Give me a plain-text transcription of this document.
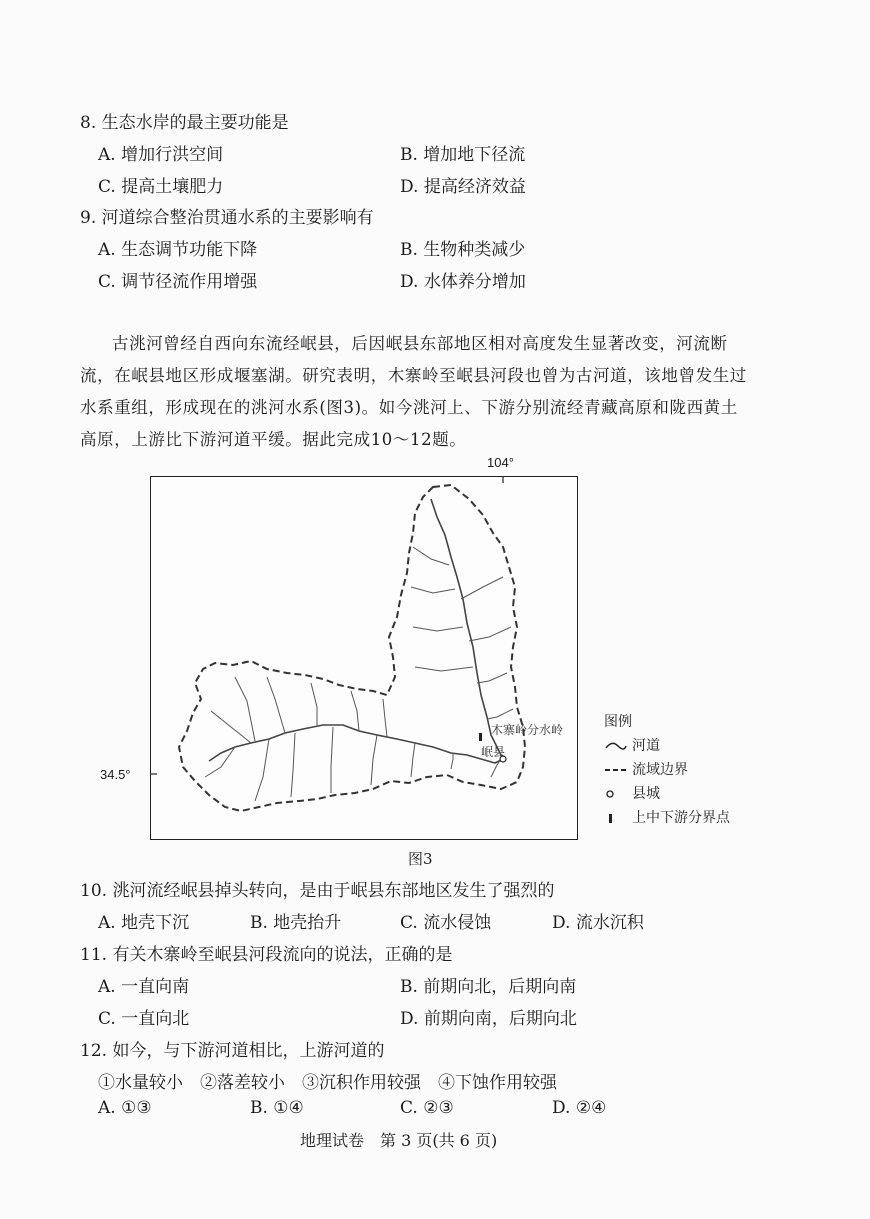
8. 生态水岸的最主要功能是
A. 增加行洪空间	B. 增加地下径流
C. 提高土壤肥力	D. 提高经济效益
9. 河道综合整治贯通水系的主要影响有
A. 生态调节功能下降	B. 生物种类减少
C. 调节径流作用增强	D. 水体养分增加
古洮河曾经自西向东流经岷县，后因岷县东部地区相对高度发生显著改变，河流断
流，在岷县地区形成堰塞湖。研究表明，木寨岭至岷县河段也曾为古河道，该地曾发生过
水系重组，形成现在的洮河水系(图3)。如今洮河上、下游分别流经青藏高原和陇西黄土
高原，上游比下游河道平缓。据此完成10～12题。
104°
34.5°
木寨岭分水岭
岷县
图例
河道
流域边界
县城
上中下游分界点
图3
10. 洮河流经岷县掉头转向，是由于岷县东部地区发生了强烈的
A. 地壳下沉	B. 地壳抬升	C. 流水侵蚀	D. 流水沉积
11. 有关木寨岭至岷县河段流向的说法，正确的是
A. 一直向南	B. 前期向北，后期向南
C. 一直向北	D. 前期向南，后期向北
12. 如今，与下游河道相比，上游河道的
①水量较小　②落差较小　③沉积作用较强　④下蚀作用较强
A. ①③	B. ①④	C. ②③	D. ②④
地理试卷　第 3 页(共 6 页)
